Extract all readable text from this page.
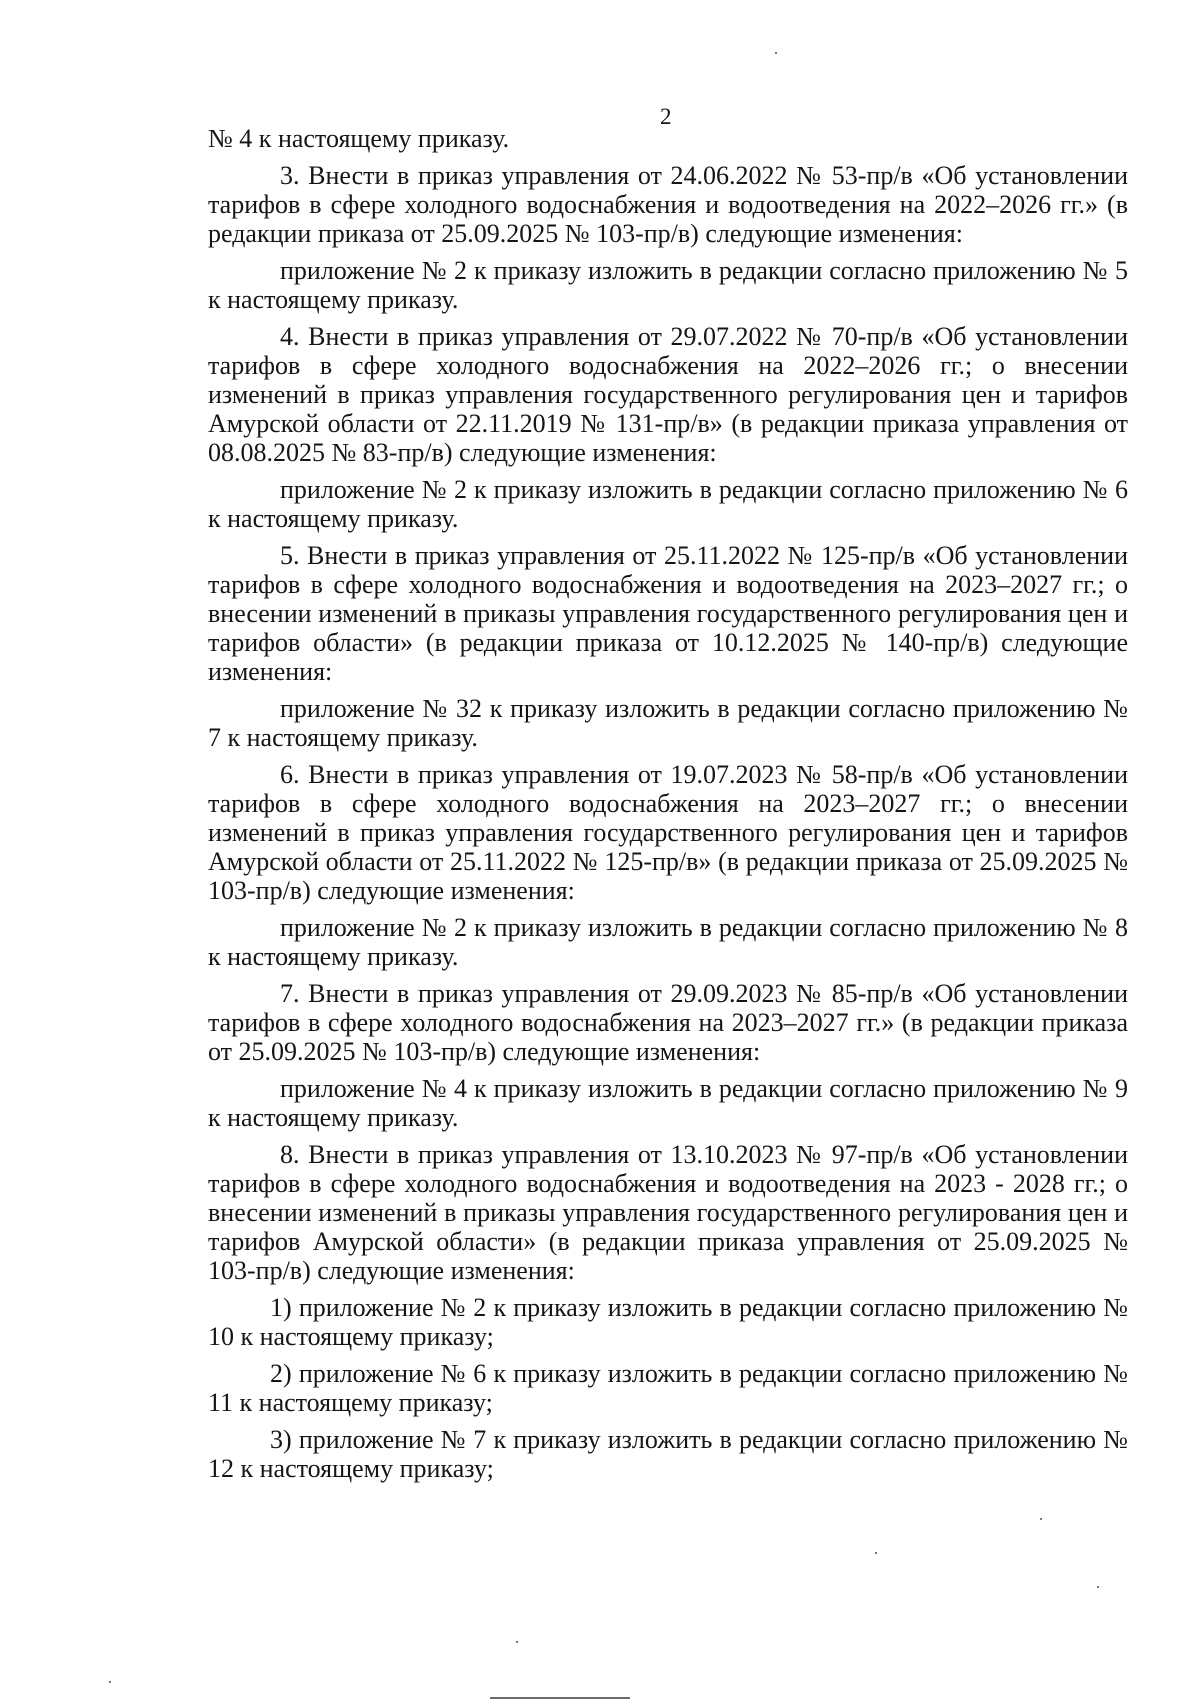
2

№ 4 к настоящему приказу.

3. Внести в приказ управления от 24.06.2022 № 53-пр/в «Об установлении тарифов в сфере холодного водоснабжения и водоотведения на 2022–2026 гг.» (в редакции приказа от 25.09.2025 № 103-пр/в) следующие изменения:

приложение № 2 к приказу изложить в редакции согласно приложению № 5 к настоящему приказу.

4. Внести в приказ управления от 29.07.2022 № 70-пр/в «Об установлении тарифов в сфере холодного водоснабжения на 2022–2026 гг.; о внесении изменений в приказ управления государственного регулирования цен и тарифов Амурской области от 22.11.2019 № 131-пр/в» (в редакции приказа управления от 08.08.2025 № 83-пр/в) следующие изменения:

приложение № 2 к приказу изложить в редакции согласно приложению № 6 к настоящему приказу.

5. Внести в приказ управления от 25.11.2022 № 125-пр/в «Об установлении тарифов в сфере холодного водоснабжения и водоотведения на 2023–2027 гг.; о внесении изменений в приказы управления государственного регулирования цен и тарифов области» (в редакции приказа от 10.12.2025 № 140-пр/в) следующие изменения:

приложение № 32 к приказу изложить в редакции согласно приложению № 7 к настоящему приказу.

6. Внести в приказ управления от 19.07.2023 № 58-пр/в «Об установлении тарифов в сфере холодного водоснабжения на 2023–2027 гг.; о внесении изменений в приказ управления государственного регулирования цен и тарифов Амурской области от 25.11.2022 № 125-пр/в» (в редакции приказа от 25.09.2025 № 103-пр/в) следующие изменения:

приложение № 2 к приказу изложить в редакции согласно приложению № 8 к настоящему приказу.

7. Внести в приказ управления от 29.09.2023 № 85-пр/в «Об установлении тарифов в сфере холодного водоснабжения на 2023–2027 гг.» (в редакции приказа от 25.09.2025 № 103-пр/в) следующие изменения:

приложение № 4 к приказу изложить в редакции согласно приложению № 9 к настоящему приказу.

8. Внести в приказ управления от 13.10.2023 № 97-пр/в «Об установлении тарифов в сфере холодного водоснабжения и водоотведения на 2023 - 2028 гг.; о внесении изменений в приказы управления государственного регулирования цен и тарифов Амурской области» (в редакции приказа управления от 25.09.2025 № 103-пр/в) следующие изменения:

1) приложение № 2 к приказу изложить в редакции согласно приложению № 10 к настоящему приказу;

2) приложение № 6 к приказу изложить в редакции согласно приложению № 11 к настоящему приказу;

3) приложение № 7 к приказу изложить в редакции согласно приложению № 12 к настоящему приказу;
